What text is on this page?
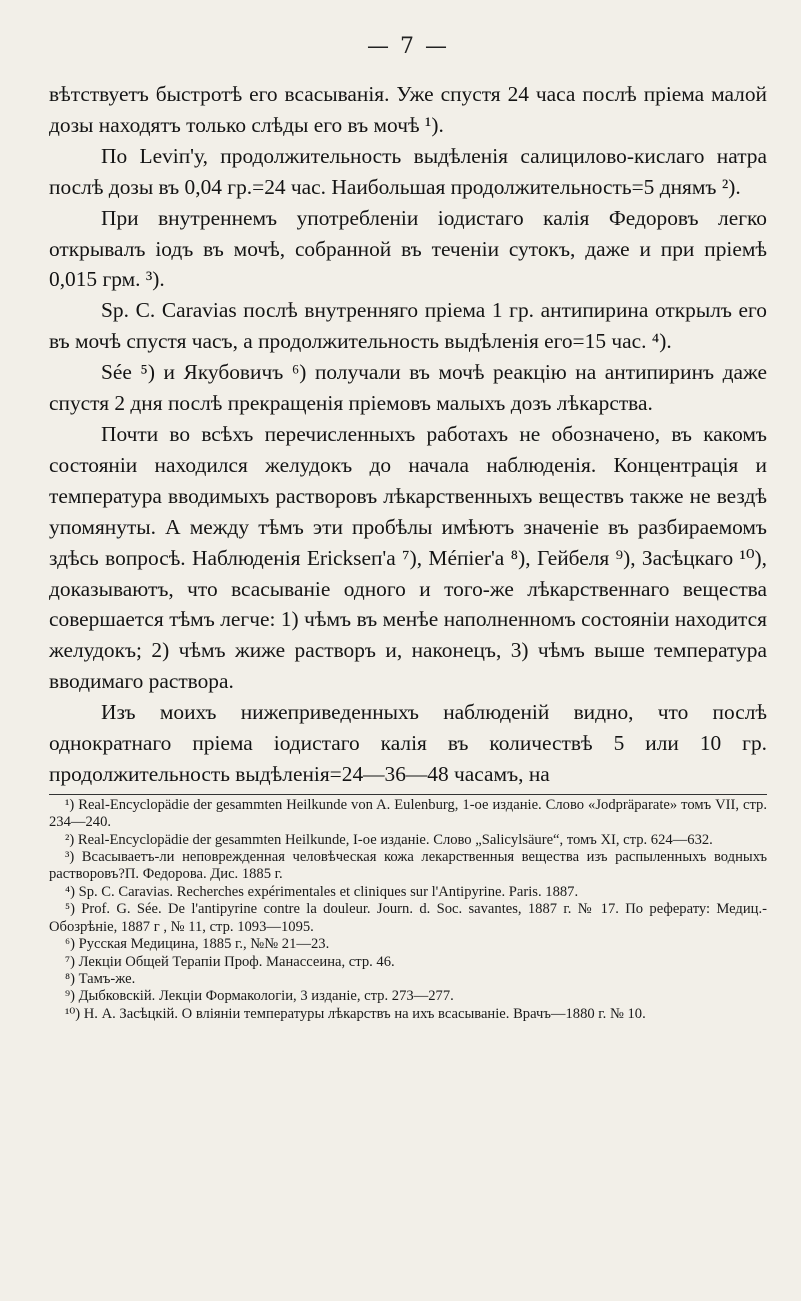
— 7 —

вѣтствуетъ быстротѣ его всасыванія. Уже спустя 24 часа послѣ пріема малой дозы находятъ только слѣды его въ мочѣ ¹).

По Leviп'у, продолжительность выдѣленія салицилово-кислаго натра послѣ дозы въ 0,04 гр.=24 час. Наибольшая продолжительность=5 днямъ ²).

При внутреннемъ употребленіи іодистаго калія Федоровъ легко открывалъ іодъ въ мочѣ, собранной въ теченіи сутокъ, даже и при пріемѣ 0,015 грм. ³).

Sp. C. Caravias послѣ внутренняго пріема 1 гр. антипирина открылъ его въ мочѣ спустя часъ, а продолжительность выдѣленія его=15 час. ⁴).

Sée ⁵) и Якубовичъ ⁶) получали въ мочѣ реакцію на антипиринъ даже спустя 2 дня послѣ прекращенія пріемовъ малыхъ дозъ лѣкарства.

Почти во всѣхъ перечисленныхъ работахъ не обозначено, въ какомъ состояніи находился желудокъ до начала наблюденія. Концентрація и температура вводимыхъ растворовъ лѣкарственныхъ веществъ также не вездѣ упомянуты. А между тѣмъ эти пробѣлы имѣютъ значеніе въ разбираемомъ здѣсь вопросѣ. Наблюденія Erickseп'а ⁷), Méпіеr'а ⁸), Гейбеля ⁹), Засѣцкаго ¹⁰), доказываютъ, что всасываніе одного и того-же лѣкарственнаго вещества совершается тѣмъ легче: 1) чѣмъ въ менѣе наполненномъ состояніи находится желудокъ; 2) чѣмъ жиже растворъ и, наконецъ, 3) чѣмъ выше температура вводимаго раствора.

Изъ моихъ нижеприведенныхъ наблюденій видно, что послѣ однократнаго пріема іодистаго калія въ количествѣ 5 или 10 гр. продолжительность выдѣленія=24—36—48 часамъ, на

¹) Real-Encyclopädie der gesammten Heilkunde von A. Eulenburg, 1-ое изданіе. Слово «Jodpräparate» томъ VII, стр. 234—240.

²) Real-Encyclopädie der gesammten Heilkunde, I-ое изданіе. Слово „Salicylsäure“, томъ XI, стр. 624—632.

³) Всасываетъ-ли неповрежденная человѣческая кожа лекарственныя вещества изъ распыленныхъ водныхъ растворовъ?П. Федорова. Дис. 1885 г.

⁴) Sp. C. Caravias. Recherches expérimentales et cliniques sur l'Antipyrine. Paris. 1887.

⁵) Prof. G. Sée. De l'antipyrine contre la douleur. Journ. d. Soc. savantes, 1887 г. № 17. По реферату: Медиц.-Обозрѣніе, 1887 г , № 11, стр. 1093—1095.

⁶) Русская Медицина, 1885 г., №№ 21—23.

⁷) Лекціи Общей Терапіи Проф. Манассеина, стр. 46.

⁸) Тамъ-же.

⁹) Дыбковскій. Лекціи Формакологіи, 3 изданіе, стр. 273—277.

¹⁰) Н. А. Засѣцкій. О вліяніи температуры лѣкарствъ на ихъ всасываніе. Врачъ—1880 г. № 10.
